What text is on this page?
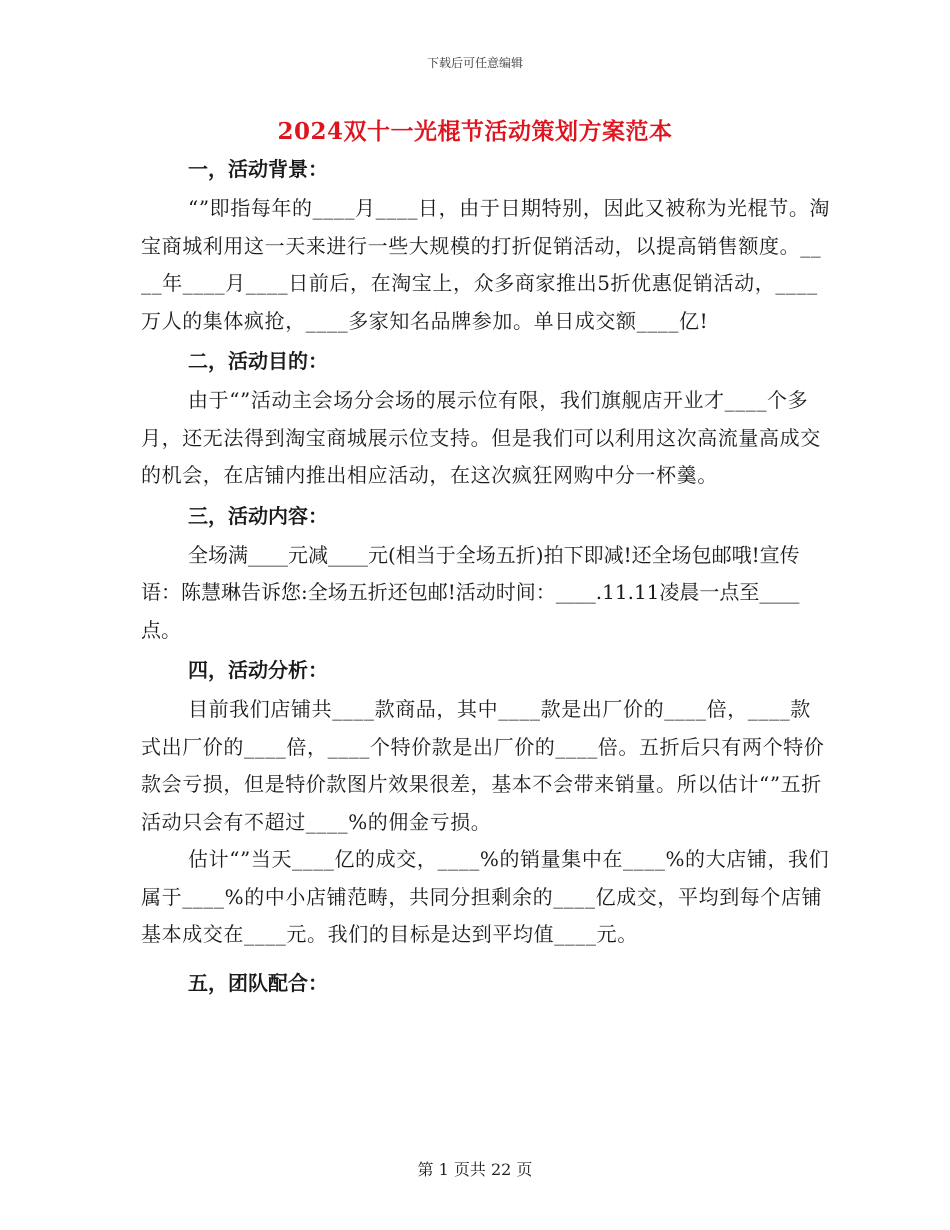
下载后可任意编辑
2024双十一光棍节活动策划方案范本
一，活动背景：

“”即指每年的____月____日，由于日期特别，因此又被称为光棍节。淘宝商城利用这一天来进行一些大规模的打折促销活动，以提高销售额度。____年____月____日前后，在淘宝上，众多商家推出5折优惠促销活动，____万人的集体疯抢，____多家知名品牌参加。单日成交额____亿!

二，活动目的：

由于“”活动主会场分会场的展示位有限，我们旗舰店开业才____个多月，还无法得到淘宝商城展示位支持。但是我们可以利用这次高流量高成交的机会，在店铺内推出相应活动，在这次疯狂网购中分一杯羹。

三，活动内容：

全场满____元减____元(相当于全场五折)拍下即减!还全场包邮哦!宣传语：陈慧琳告诉您:全场五折还包邮!活动时间：____.11.11凌晨一点至____点。

四，活动分析：

目前我们店铺共____款商品，其中____款是出厂价的____倍，____款式出厂价的____倍，____个特价款是出厂价的____倍。五折后只有两个特价款会亏损，但是特价款图片效果很差，基本不会带来销量。所以估计“”五折活动只会有不超过____%的佣金亏损。

估计“”当天____亿的成交，____%的销量集中在____%的大店铺，我们属于____%的中小店铺范畴，共同分担剩余的____亿成交，平均到每个店铺基本成交在____元。我们的目标是达到平均值____元。

五，团队配合：
第 1 页共 22 页
